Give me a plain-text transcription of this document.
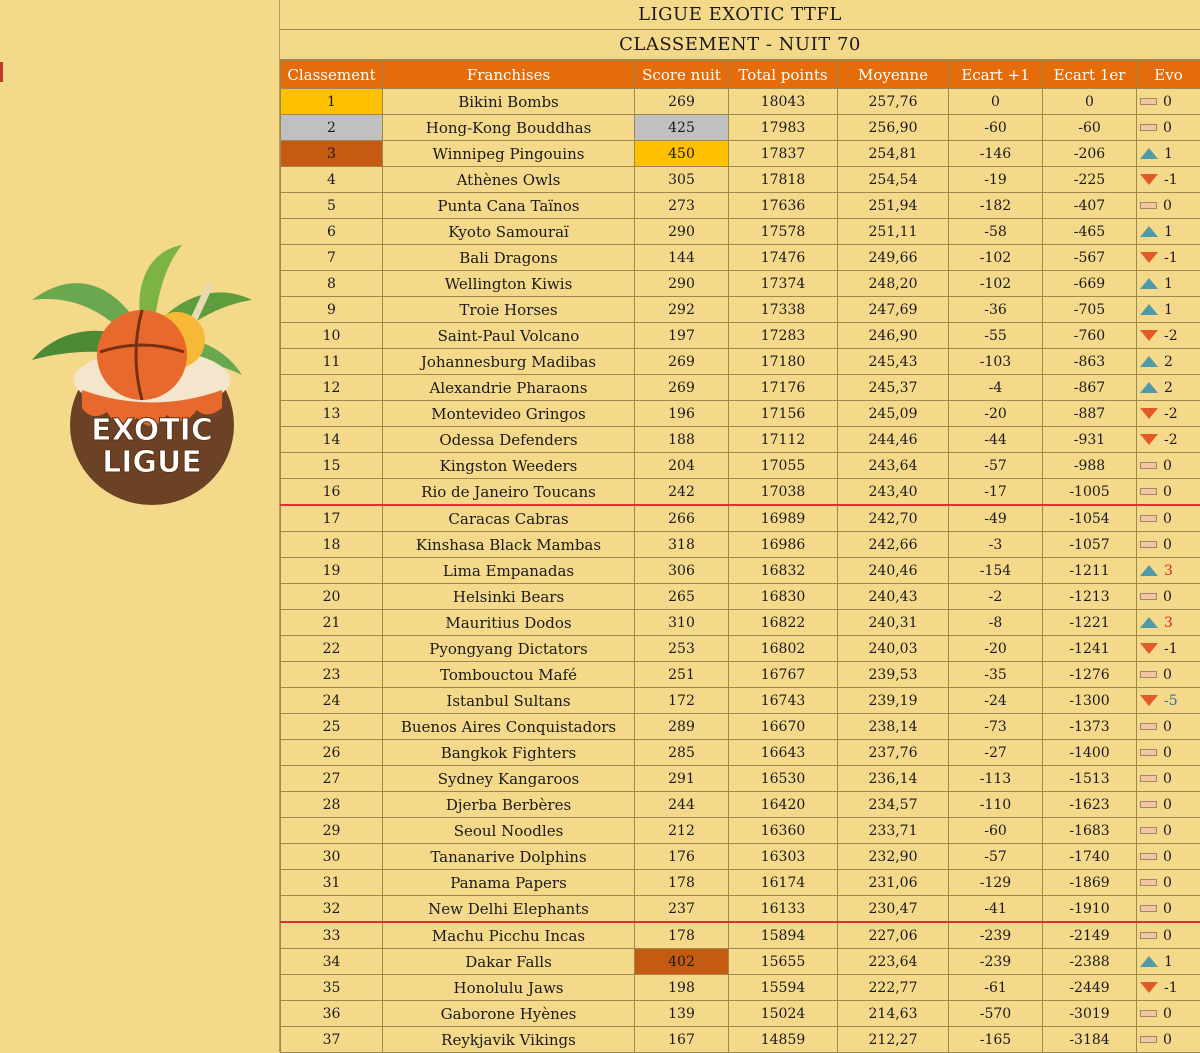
EXOTIC
LIGUE
LIGUE EXOTIC TTFL
CLASSEMENT - NUIT 70
Classement	Franchises	Score nuit	Total points	Moyenne	Ecart +1	Ecart 1er	Evo
1	Bikini Bombs	269	18043	257,76	0	0	0
2	Hong-Kong Bouddhas	425	17983	256,90	-60	-60	0
3	Winnipeg Pingouins	450	17837	254,81	-146	-206	1
4	Athènes Owls	305	17818	254,54	-19	-225	-1
5	Punta Cana Taïnos	273	17636	251,94	-182	-407	0
6	Kyoto Samouraï	290	17578	251,11	-58	-465	1
7	Bali Dragons	144	17476	249,66	-102	-567	-1
8	Wellington Kiwis	290	17374	248,20	-102	-669	1
9	Troie Horses	292	17338	247,69	-36	-705	1
10	Saint-Paul Volcano	197	17283	246,90	-55	-760	-2
11	Johannesburg Madibas	269	17180	245,43	-103	-863	2
12	Alexandrie Pharaons	269	17176	245,37	-4	-867	2
13	Montevideo Gringos	196	17156	245,09	-20	-887	-2
14	Odessa Defenders	188	17112	244,46	-44	-931	-2
15	Kingston Weeders	204	17055	243,64	-57	-988	0
16	Rio de Janeiro Toucans	242	17038	243,40	-17	-1005	0
17	Caracas Cabras	266	16989	242,70	-49	-1054	0
18	Kinshasa Black Mambas	318	16986	242,66	-3	-1057	0
19	Lima Empanadas	306	16832	240,46	-154	-1211	3
20	Helsinki Bears	265	16830	240,43	-2	-1213	0
21	Mauritius Dodos	310	16822	240,31	-8	-1221	3
22	Pyongyang Dictators	253	16802	240,03	-20	-1241	-1
23	Tombouctou Mafé	251	16767	239,53	-35	-1276	0
24	Istanbul Sultans	172	16743	239,19	-24	-1300	-5
25	Buenos Aires Conquistadors	289	16670	238,14	-73	-1373	0
26	Bangkok Fighters	285	16643	237,76	-27	-1400	0
27	Sydney Kangaroos	291	16530	236,14	-113	-1513	0
28	Djerba Berbères	244	16420	234,57	-110	-1623	0
29	Seoul Noodles	212	16360	233,71	-60	-1683	0
30	Tananarive Dolphins	176	16303	232,90	-57	-1740	0
31	Panama Papers	178	16174	231,06	-129	-1869	0
32	New Delhi Elephants	237	16133	230,47	-41	-1910	0
33	Machu Picchu Incas	178	15894	227,06	-239	-2149	0
34	Dakar Falls	402	15655	223,64	-239	-2388	1
35	Honolulu Jaws	198	15594	222,77	-61	-2449	-1
36	Gaborone Hyènes	139	15024	214,63	-570	-3019	0
37	Reykjavik Vikings	167	14859	212,27	-165	-3184	0
